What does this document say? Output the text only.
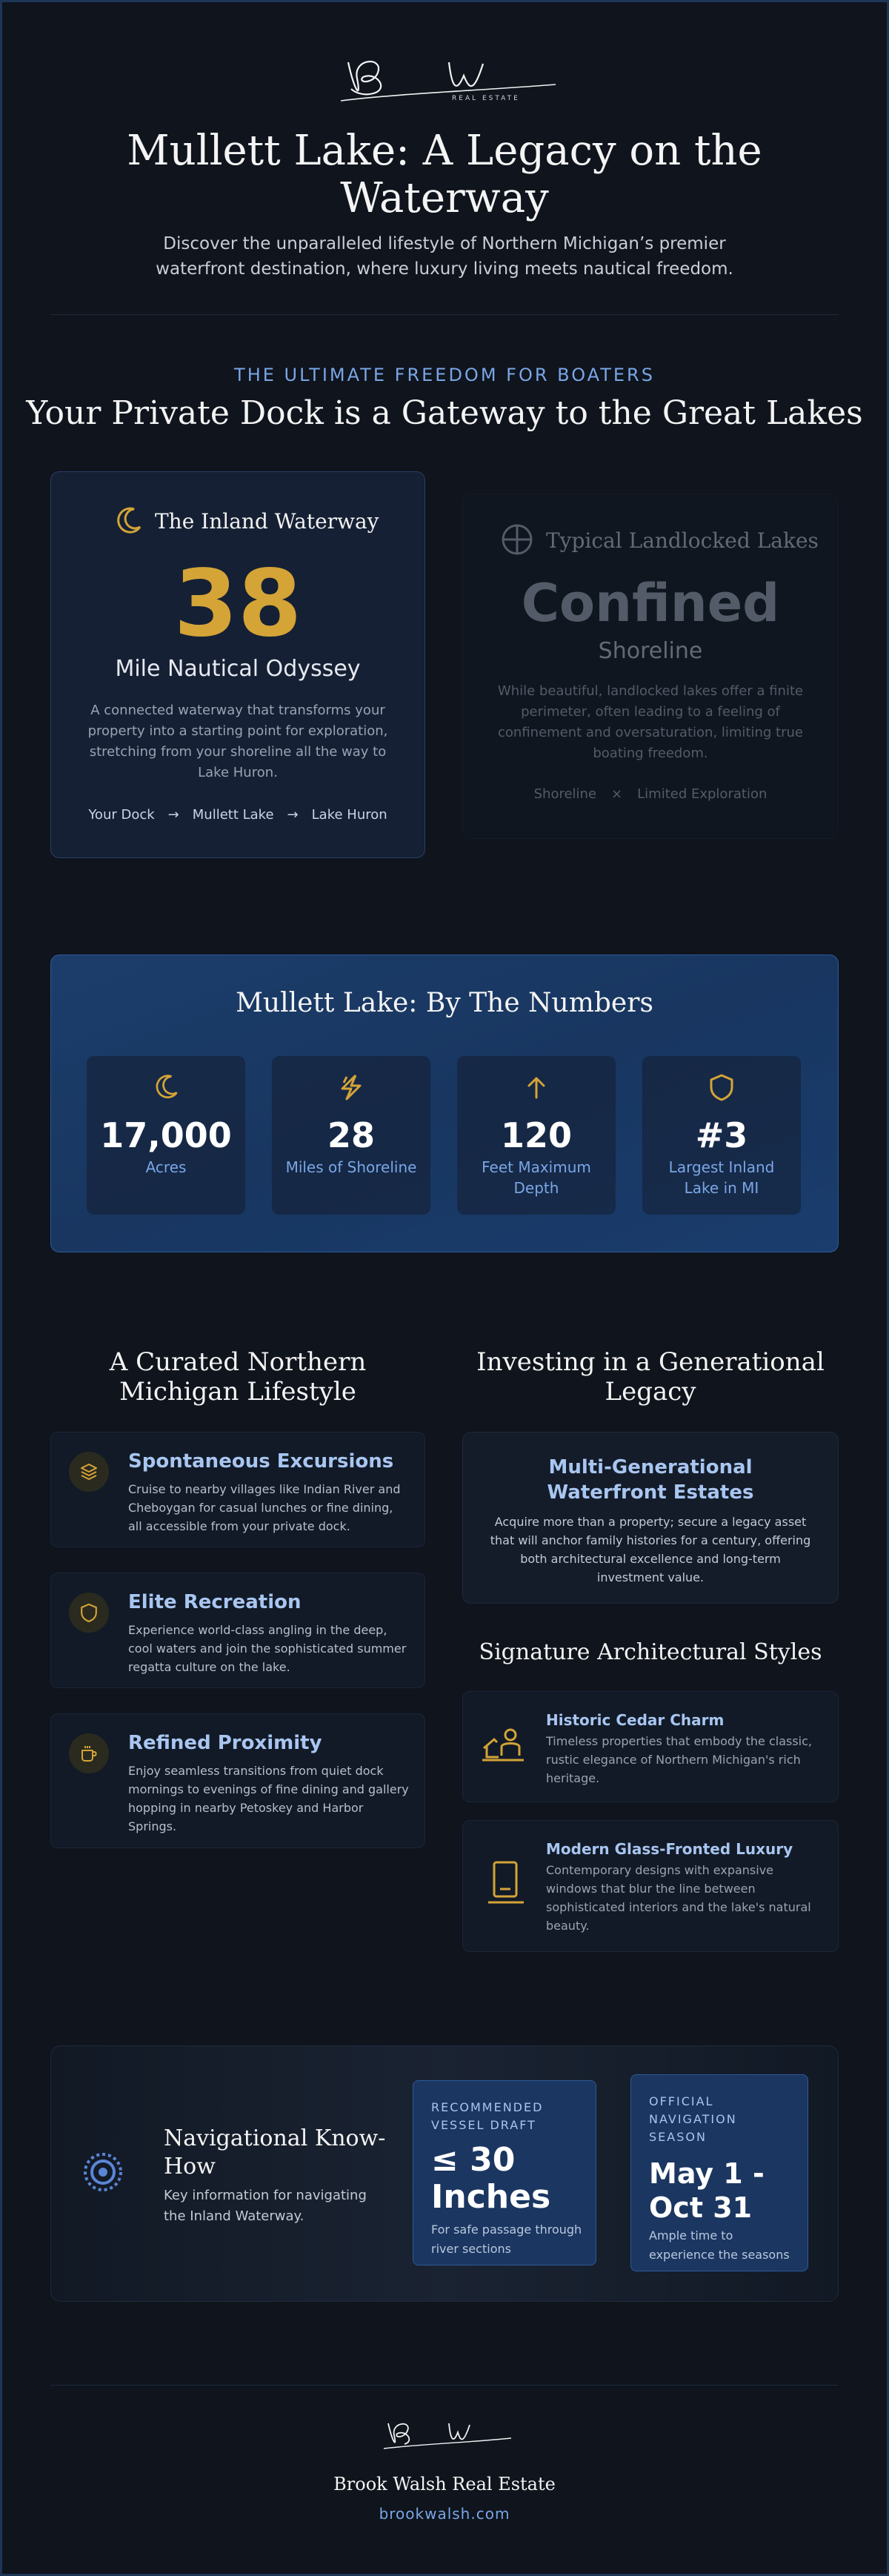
REAL ESTATE
Mullett Lake: A Legacy on the Waterway
Discover the unparalleled lifestyle of Northern Michigan’s premier waterfront destination, where luxury living meets nautical freedom.
THE ULTIMATE FREEDOM FOR BOATERS
Your Private Dock is a Gateway to the Great Lakes
The Inland Waterway
38
Mile Nautical Odyssey
A connected waterway that transforms your property into a starting point for exploration, stretching from your shoreline all the way to Lake Huron.
Your Dock → Mullett Lake → Lake Huron
Typical Landlocked Lakes
Confined
Shoreline
While beautiful, landlocked lakes offer a finite perimeter, often leading to a feeling of confinement and oversaturation, limiting true boating freedom.
Shoreline × Limited Exploration
Mullett Lake: By The Numbers
17,000
Acres
28
Miles of Shoreline
120
Feet Maximum Depth
#3
Largest Inland Lake in MI
A Curated Northern Michigan Lifestyle
Spontaneous Excursions
Cruise to nearby villages like Indian River and Cheboygan for casual lunches or fine dining, all accessible from your private dock.
Elite Recreation
Experience world-class angling in the deep, cool waters and join the sophisticated summer regatta culture on the lake.
Refined Proximity
Enjoy seamless transitions from quiet dock mornings to evenings of fine dining and gallery hopping in nearby Petoskey and Harbor Springs.
Investing in a Generational Legacy
Multi-Generational Waterfront Estates
Acquire more than a property; secure a legacy asset that will anchor family histories for a century, offering both architectural excellence and long-term investment value.
Signature Architectural Styles
Historic Cedar Charm
Timeless properties that embody the classic, rustic elegance of Northern Michigan's rich heritage.
Modern Glass-Fronted Luxury
Contemporary designs with expansive windows that blur the line between sophisticated interiors and the lake's natural beauty.
Navigational Know-How
Key information for navigating the Inland Waterway.
RECOMMENDED VESSEL DRAFT
≤ 30 Inches
For safe passage through river sections
OFFICIAL NAVIGATION SEASON
May 1 - Oct 31
Ample time to experience the seasons
Brook Walsh Real Estate
brookwalsh.com
